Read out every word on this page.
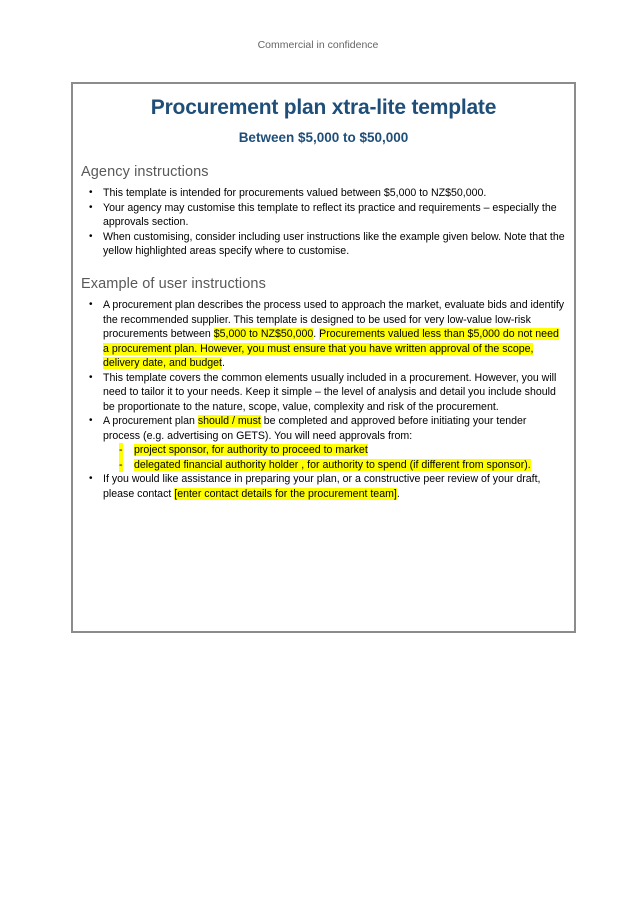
Commercial in confidence
Procurement plan xtra-lite template
Between $5,000 to $50,000
Agency instructions
• This template is intended for procurements valued between $5,000 to NZ$50,000.
• Your agency may customise this template to reflect its practice and requirements – especially the approvals section.
• When customising, consider including user instructions like the example given below. Note that the yellow highlighted areas specify where to customise.
Example of user instructions
• A procurement plan describes the process used to approach the market, evaluate bids and identify the recommended supplier. This template is designed to be used for very low-value low-risk procurements between $5,000 to NZ$50,000. Procurements valued less than $5,000 do not need a procurement plan. However, you must ensure that you have written approval of the scope, delivery date, and budget.
• This template covers the common elements usually included in a procurement. However, you will need to tailor it to your needs. Keep it simple – the level of analysis and detail you include should be proportionate to the nature, scope, value, complexity and risk of the procurement.
• A procurement plan should / must be completed and approved before initiating your tender process (e.g. advertising on GETS). You will need approvals from:
- project sponsor, for authority to proceed to market
- delegated financial authority holder , for authority to spend (if different from sponsor).
• If you would like assistance in preparing your plan, or a constructive peer review of your draft, please contact [enter contact details for the procurement team].
